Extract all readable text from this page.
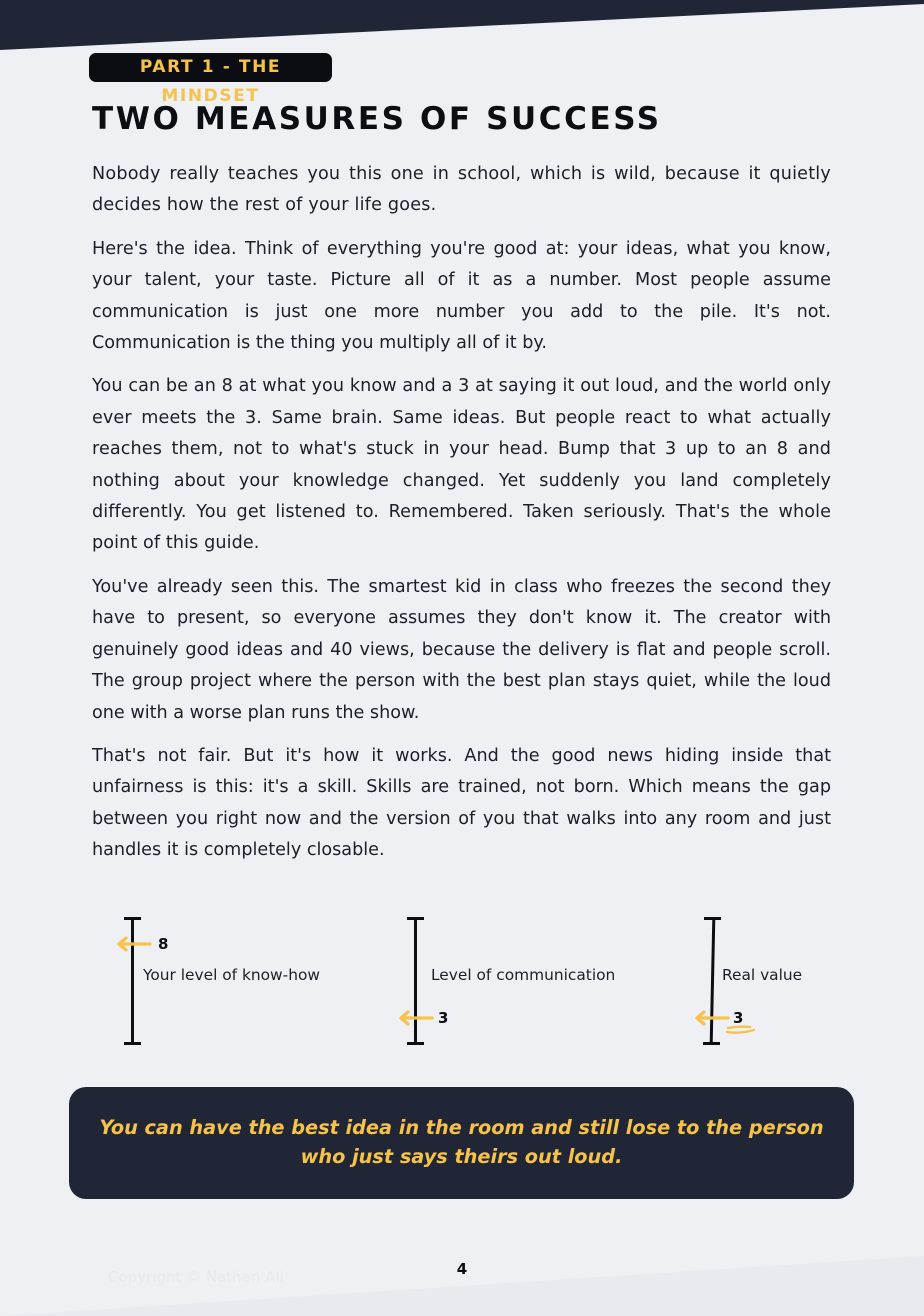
PART 1 - THE MINDSET
TWO MEASURES OF SUCCESS

Nobody really teaches you this one in school, which is wild, because it quietly decides how the rest of your life goes.

Here's the idea. Think of everything you're good at: your ideas, what you know, your talent, your taste. Picture all of it as a number. Most people assume communication is just one more number you add to the pile. It's not. Communication is the thing you multiply all of it by.

You can be an 8 at what you know and a 3 at saying it out loud, and the world only ever meets the 3. Same brain. Same ideas. But people react to what actually reaches them, not to what's stuck in your head. Bump that 3 up to an 8 and nothing about your knowledge changed. Yet suddenly you land completely differently. You get listened to. Remembered. Taken seriously. That's the whole point of this guide.

You've already seen this. The smartest kid in class who freezes the second they have to present, so everyone assumes they don't know it. The creator with genuinely good ideas and 40 views, because the delivery is flat and people scroll. The group project where the person with the best plan stays quiet, while the loud one with a worse plan runs the show.

That's not fair. But it's how it works. And the good news hiding inside that unfairness is this: it's a skill. Skills are trained, not born. Which means the gap between you right now and the version of you that walks into any room and just handles it is completely closable.

8
Your level of know-how
3
Level of communication
3
Real value
You can have the best idea in the room and still lose to the person
who just says theirs out loud.
Copyright © Nathan Ali	4
